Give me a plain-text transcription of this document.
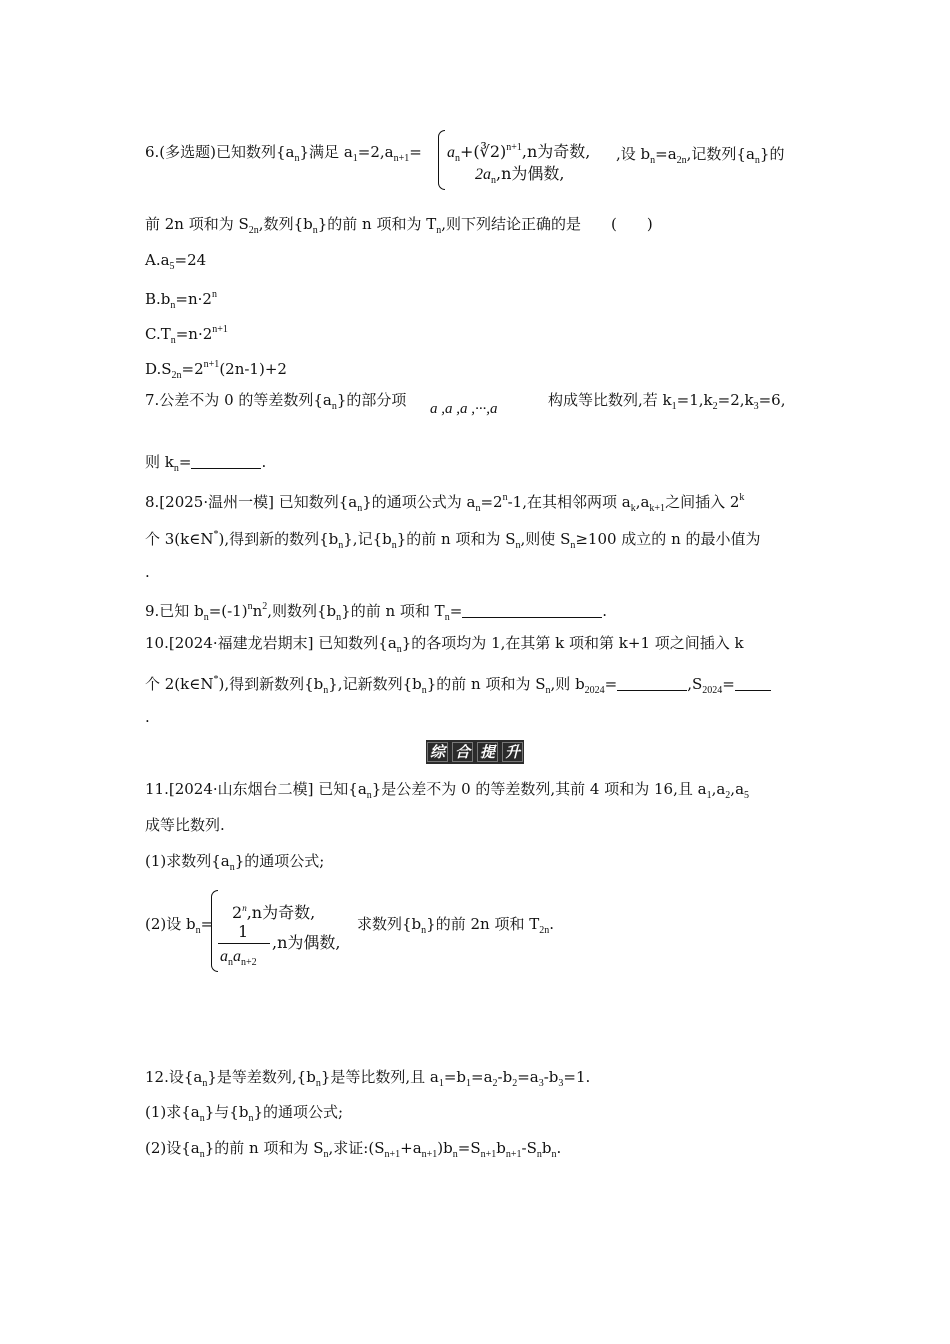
6.(多选题)已知数列$\{a_n\}$满足 $a_1=2,a_{n+1}=$ $a_n+(∛2)^{n+1},n$为奇数,
$2a_n,n$为偶数,
,设 $b_n=a_{2n}$,记数列$\{a_n\}$的
前 2n 项和为 $S_{2n}$,数列$\{b_n\}$的前 n 项和为 $T_n$,则下列结论正确的是　　(　　)
$A.a_5=24$
$B.b_n=n\cdot 2^n$
$C.T_n=n\cdot 2^{n+1}$
$D.S_{2n}=2^{n+1}(2n-1)+2$
7.公差不为 0 的等差数列$\{a_n\}$的部分项 a ,a ,a ,···,a	构成等比数列,若 $k_1=1,k_2=2,k_3=6$,
则 $k_n=$	.
8.[2025·温州一模] 已知数列$\{a_n\}$的通项公式为 $a_n=2^n-1$,在其相邻两项 $a_k,a_{k+1}$之间插入 2$^k$
个 3(k∈N*),得到新的数列$\{b_n\}$,记$\{b_n\}$的前 n 项和为 $S_n$,则使 $S_n\ge 100$ 成立的 n 的最小值为
.
9.已知 $b_n=(-1)^nn^2$,则数列$\{b_n\}$的前 n 项和 $T_n=$	.
10.[2024·福建龙岩期末] 已知数列$\{a_n\}$的各项均为 1,在其第 k 项和第 k+1 项之间插入 k
个 2(k∈N*),得到新数列$\{b_n\}$,记新数列$\{b_n\}$的前 n 项和为 $S_n$,则 $b_{2024}=$	$,S_{2024}=$
.
综 合 提 升
11.[2024·山东烟台二模] 已知$\{a_n\}$是公差不为 0 的等差数列,其前 4 项和为 16,且 $a_1,a_2,a_5$
成等比数列.
(1)求数列$\{a_n\}$的通项公式;
(2)设 $b_n=$
$2^n,n$为奇数,
1
$a_na_{n+2}$
,n为偶数,
求数列$\{b_n\}$的前 2n 项和 $T_{2n}$.
12.设$\{a_n\}$是等差数列$,\{b_n\}$是等比数列,且 $a_1=b_1=a_2-b_2=a_3-b_3=1$.
(1)求$\{a_n\}$与$\{b_n\}$的通项公式;
(2)设$\{a_n\}$的前 n 项和为 $S_n$,求证$:(S_{n+1}+a_{n+1})b_n=S_{n+1}b_{n+1}-S_nb_n$.
